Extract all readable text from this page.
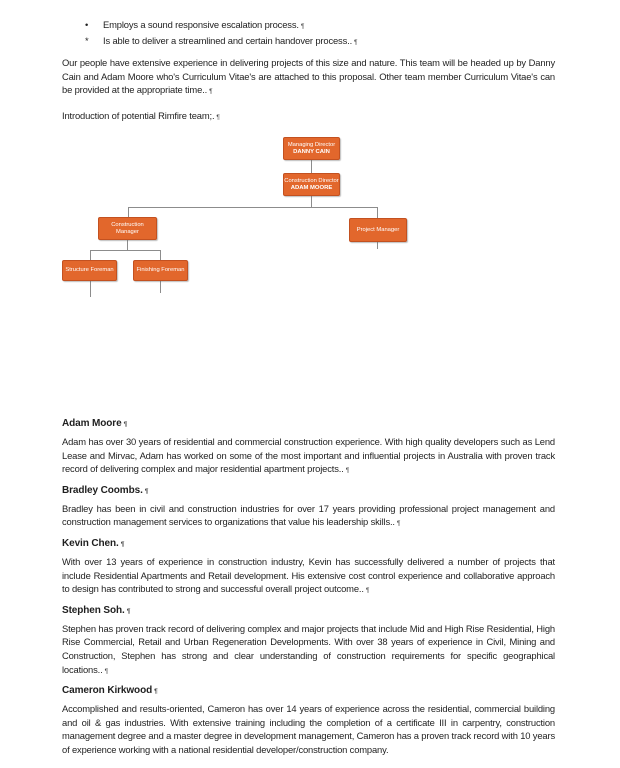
•	Employs a sound responsive escalation process. ¶
*	Is able to deliver a streamlined and certain handover process.. ¶

Our people have extensive experience in delivering projects of this size and nature. This team will be headed up by Danny Cain and Adam Moore who's Curriculum Vitae's are attached to this proposal. Other team member Curriculum Vitae's can be provided at the appropriate time.. ¶

Introduction of potential Rimfire team;. ¶

Managing Director
DANNY CAIN
Construction Director
ADAM MOORE
Construction Manager	Project Manager
Structure Foreman	Finishing Foreman
Adam Moore ¶

Adam has over 30 years of residential and commercial construction experience. With high quality developers such as Lend Lease and Mirvac, Adam has worked on some of the most important and influential projects in Australia with proven track record of delivering complex and major residential apartment projects.. ¶

Bradley Coombs. ¶

Bradley has been in civil and construction industries for over 17 years providing professional project management and construction management services to organizations that value his leadership skills.. ¶

Kevin Chen. ¶

With over 13 years of experience in construction industry, Kevin has successfully delivered a number of projects that include Residential Apartments and Retail development. His extensive cost control experience and collaborative approach to design has contributed to strong and successful overall project outcome.. ¶

Stephen Soh. ¶

Stephen has proven track record of delivering complex and major projects that include Mid and High Rise Residential, High Rise Commercial, Retail and Urban Regeneration Developments. With over 38 years of experience in Civil, Mining and Construction, Stephen has strong and clear understanding of construction requirements for specific geographical locations.. ¶

Cameron Kirkwood ¶

Accomplished and results-oriented, Cameron has over 14 years of experience across the residential, commercial building and oil & gas industries. With extensive training including the completion of a certificate III in carpentry, construction management degree and a master degree in development management, Cameron has a proven track record with 10 years of experience working with a national residential developer/construction company.
